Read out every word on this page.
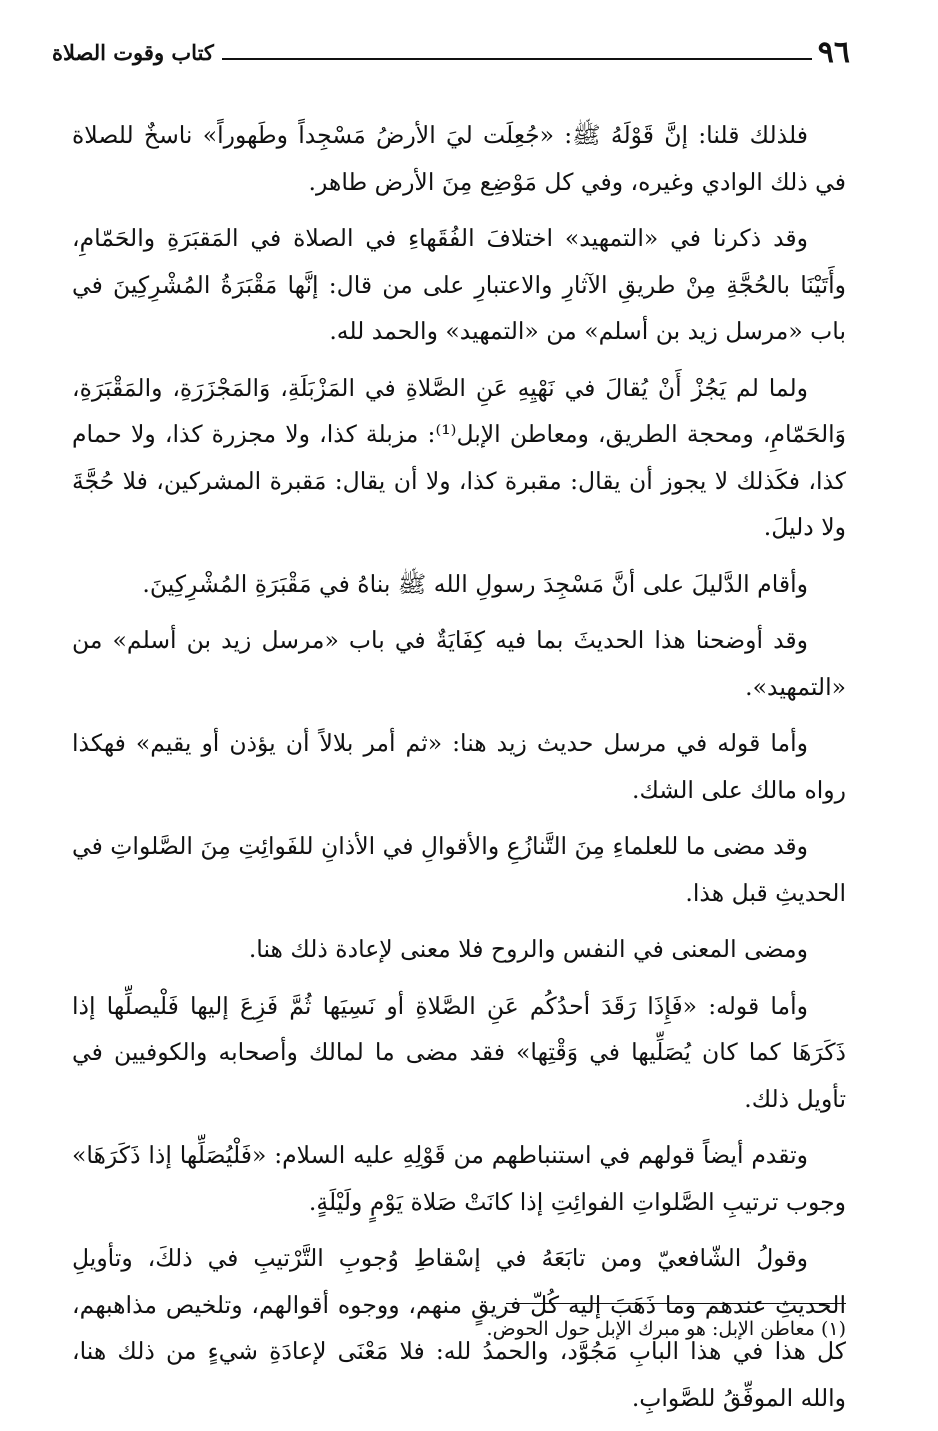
٩٦
كتاب وقوت الصلاة

فلذلك قلنا: إنَّ قَوْلَهُ ﷺ: «جُعِلَت ليَ الأرضُ مَسْجِداً وطَهوراً» ناسخٌ للصلاة في ذلك الوادي وغيره، وفي كل مَوْضِع مِنَ الأرض طاهر.

وقد ذكرنا في «التمهيد» اختلافَ الفُقَهاءِ في الصلاة في المَقبَرَةِ والحَمّامِ، وأَتَيْنَا بالحُجَّةِ مِنْ طريقِ الآثارِ والاعتبارِ على من قال: إنَّها مَقْبَرَةُ المُشْرِكِينَ في باب «مرسل زيد بن أسلم» من «التمهيد» والحمد لله.

ولما لم يَجُزْ أَنْ يُقالَ في نَهْيِهِ عَنِ الصَّلاةِ في المَزْبَلَةِ، وَالمَجْزَرَةِ، والمَقْبَرَةِ، وَالحَمّامِ، ومحجة الطريق، ومعاطن الإبل⁽¹⁾: مزبلة كذا، ولا مجزرة كذا، ولا حمام كذا، فكَذلك لا يجوز أن يقال: مقبرة كذا، ولا أن يقال: مَقبرة المشركين، فلا حُجَّةَ ولا دليلَ.

وأقام الدَّليلَ على أنَّ مَسْجِدَ رسولِ الله ﷺ بناهُ في مَقْبَرَةِ المُشْرِكِينَ.

وقد أوضحنا هذا الحديثَ بما فيه كِفَايَةٌ في باب «مرسل زيد بن أسلم» من «التمهيد».

وأما قوله في مرسل حديث زيد هنا: «ثم أمر بلالاً أن يؤذن أو يقيم» فهكذا رواه مالك على الشك.

وقد مضى ما للعلماءِ مِنَ التَّنازُعِ والأقوالِ في الأذانِ للفَوائِتِ مِنَ الصَّلواتِ في الحديثِ قبل هذا.

ومضى المعنى في النفس والروح فلا معنى لإعادة ذلك هنا.

وأما قوله: «فَإِذَا رَقَدَ أحدُكُم عَنِ الصَّلاةِ أو نَسِيَها ثُمَّ فَزِعَ إليها فَلْيصلِّها إذا ذَكَرَهَا كما كان يُصَلِّيها في وَقْتِها» فقد مضى ما لمالك وأصحابه والكوفيين في تأويل ذلك.

وتقدم أيضاً قولهم في استنباطهم من قَوْلِهِ عليه السلام: «فَلْيُصَلِّها إذا ذَكَرَهَا» وجوب ترتيبِ الصَّلواتِ الفوائِتِ إذا كانَتْ صَلاة يَوْمٍ ولَيْلَةٍ.

وقولُ الشّافعيّ ومن تابَعَهُ في إسْقاطِ وُجوبِ التَّرْتيبِ في ذلكَ، وتأويلِ الحديثِ عندهم وما ذَهَبَ إليه كُلّ فريقٍ منهم، ووجوه أقوالهم، وتلخيص مذاهبهم، كل هذا في هذا البابِ مَجُوَّد، والحمدُ لله: فلا مَعْنَى لإعادَةِ شيءٍ من ذلك هنا، والله الموفِّقُ للصَّوابِ.

(١) معاطن الإبل: هو مبرك الإبل حول الحوض.
